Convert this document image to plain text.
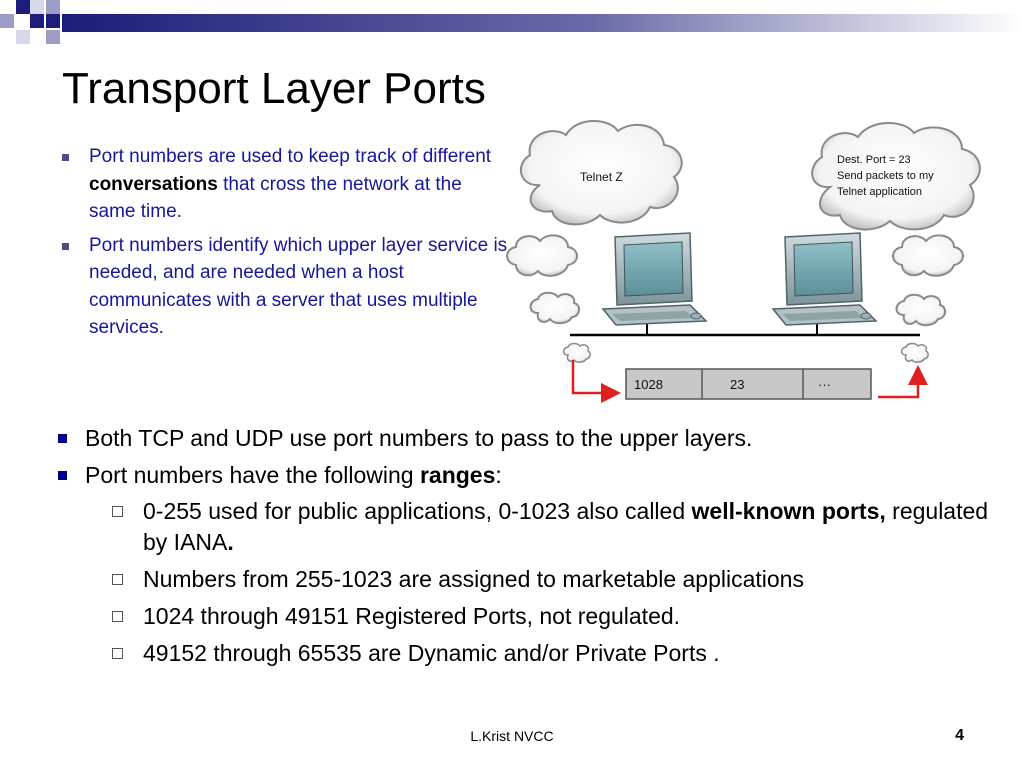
Transport Layer Ports
Port numbers are used to keep track of different conversations that cross the network at the same time.
Port numbers identify which upper layer service is needed, and are needed when a host communicates with a server that uses multiple services.
Telnet Z
Dest. Port = 23 Send packets to my Telnet application
1028	23	···
Both TCP and UDP use port numbers to pass to the upper layers.
Port numbers have the following ranges:
0-255 used for public applications, 0-1023 also called well-known ports, regulated by IANA.
Numbers from 255-1023 are assigned to marketable applications
1024 through 49151 Registered Ports, not regulated.
49152 through 65535 are Dynamic and/or Private Ports .
L.Krist NVCC	4
